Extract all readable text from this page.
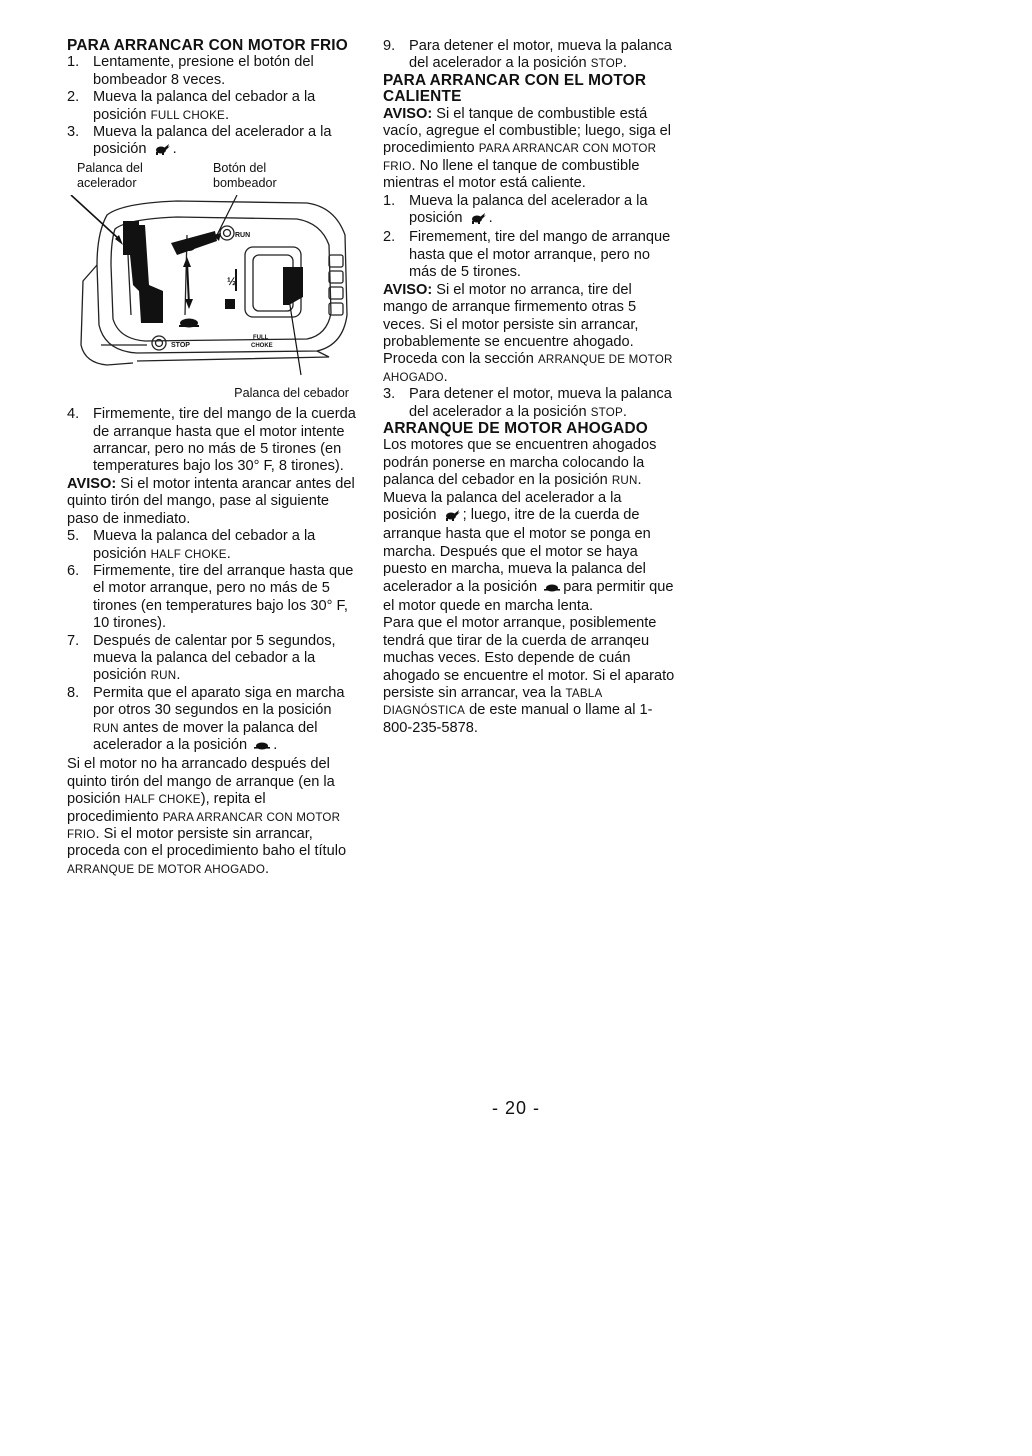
PARA ARRANCAR CON MOTOR FRIO
1. Lentamente, presione el botón del bombeador 8 veces.
2. Mueva la palanca del cebador a la posición FULL CHOKE.
3. Mueva la palanca del acelerador a la posición .
Palanca del acelerador
Botón del bombeador
RUN
½
STOP
FULL
CHOKE

Palanca del cebador

4. Firmemente, tire del mango de la cuerda de arranque hasta que el motor intente arrancar, pero no más de 5 tirones (en temperatures bajo los 30° F, 8 tirones).

AVISO: Si el motor intenta arancar antes del quinto tirón del mango, pase al siguiente paso de inmediato.

5. Mueva la palanca del cebador a la posición HALF CHOKE.
6. Firmemente, tire del arranque hasta que el motor arranque, pero no más de 5 tirones (en temperatures bajo los 30° F, 10 tirones).
7. Después de calentar por 5 segundos, mueva la palanca del cebador a la posición RUN.
8. Permita que el aparato siga en marcha por otros 30 segundos en la posición RUN antes de mover la palanca del acelerador a la posición .

Si el motor no ha arrancado después del quinto tirón del mango de arranque (en la posición HALF CHOKE), repita el procedimiento PARA ARRANCAR CON MOTOR FRIO. Si el motor persiste sin arrancar, proceda con el procedimiento baho el título ARRANQUE DE MOTOR AHOGADO.

9. Para detener el motor, mueva la palanca del acelerador a la posición STOP.
PARA ARRANCAR CON EL MOTOR CALIENTE

AVISO: Si el tanque de combustible está vacío, agregue el combustible; luego, siga el procedimiento PARA ARRANCAR CON MOTOR FRIO. No llene el tanque de combustible mientras el motor está caliente.

1. Mueva la palanca del acelerador a la posición .
2. Firemement, tire del mango de arranque hasta que el motor arranque, pero no más de 5 tirones.

AVISO: Si el motor no arranca, tire del mango de arranque firmemento otras 5 veces. Si el motor persiste sin arrancar, probablemente se encuentre ahogado. Proceda con la sección ARRANQUE DE MOTOR AHOGADO.

3. Para detener el motor, mueva la palanca del acelerador a la posición STOP.
ARRANQUE DE MOTOR AHOGADO

Los motores que se encuentren ahogados podrán ponerse en marcha colocando la palanca del cebador en la posición RUN. Mueva la palanca del acelerador a la posición ; luego, itre de la cuerda de arranque hasta que el motor se ponga en marcha. Después que el motor se haya puesto en marcha, mueva la palanca del acelerador a la posición para permitir que el motor quede en marcha lenta.

Para que el motor arranque, posiblemente tendrá que tirar de la cuerda de arranqeu muchas veces. Esto depende de cuán ahogado se encuentre el motor. Si el aparato persiste sin arrancar, vea la TABLA DIAGNÓSTICA de este manual o llame al 1-800-235-5878.

- 20 -
